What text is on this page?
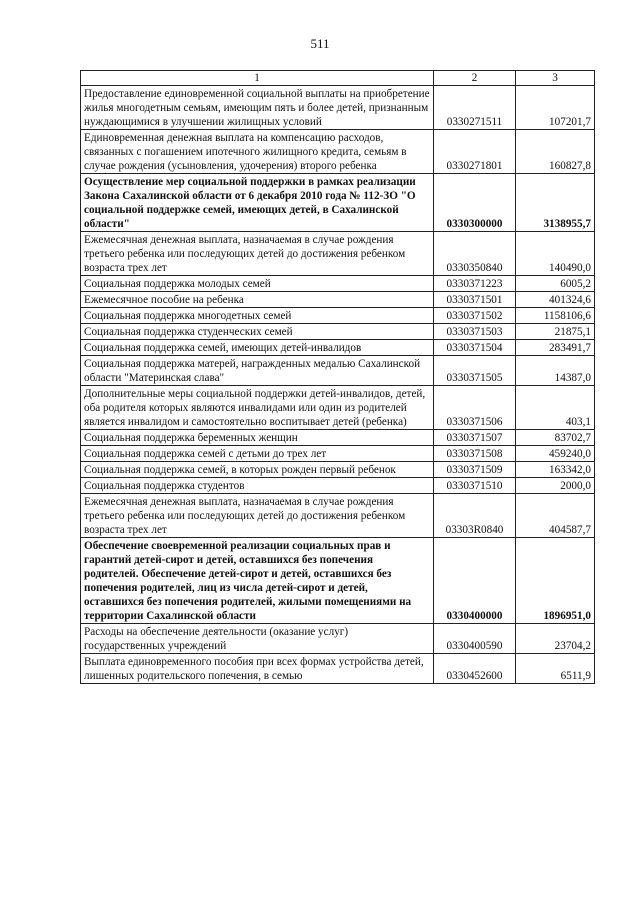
511
1	2	3
Предоставление единовременной социальной выплаты на приобретение жилья многодетным семьям, имеющим пять и более детей, признанным нуждающимися в улучшении жилищных условий	0330271511	107201,7
Единовременная денежная выплата на компенсацию расходов, связанных с погашением ипотечного жилищного кредита, семьям в случае рождения (усыновления, удочерения) второго ребенка	0330271801	160827,8
Осуществление мер социальной поддержки в рамках реализации Закона Сахалинской области от 6 декабря 2010 года № 112-ЗО "О социальной поддержке семей, имеющих детей, в Сахалинской области"	0330300000	3138955,7
Ежемесячная денежная выплата, назначаемая в случае рождения третьего ребенка или последующих детей до достижения ребенком возраста трех лет	0330350840	140490,0
Социальная поддержка молодых семей	0330371223	6005,2
Ежемесячное пособие на ребенка	0330371501	401324,6
Социальная поддержка многодетных семей	0330371502	1158106,6
Социальная поддержка студенческих семей	0330371503	21875,1
Социальная поддержка семей, имеющих детей-инвалидов	0330371504	283491,7
Социальная поддержка матерей, награжденных медалью Сахалинской области "Материнская слава"	0330371505	14387,0
Дополнительные меры социальной поддержки детей-инвалидов, детей, оба родителя которых являются инвалидами или один из родителей является инвалидом и самостоятельно воспитывает детей (ребенка)	0330371506	403,1
Социальная поддержка беременных женщин	0330371507	83702,7
Социальная поддержка семей с детьми до трех лет	0330371508	459240,0
Социальная поддержка семей, в которых рожден первый ребенок	0330371509	163342,0
Социальная поддержка студентов	0330371510	2000,0
Ежемесячная денежная выплата, назначаемая в случае рождения третьего ребенка или последующих детей до достижения ребенком возраста трех лет	03303R0840	404587,7
Обеспечение своевременной реализации социальных прав и гарантий детей-сирот и детей, оставшихся без попечения родителей. Обеспечение детей-сирот и детей, оставшихся без попечения родителей, лиц из числа детей-сирот и детей, оставшихся без попечения родителей, жилыми помещениями на территории Сахалинской области	0330400000	1896951,0
Расходы на обеспечение деятельности (оказание услуг) государственных учреждений	0330400590	23704,2
Выплата единовременного пособия при всех формах устройства детей, лишенных родительского попечения, в семью	0330452600	6511,9
